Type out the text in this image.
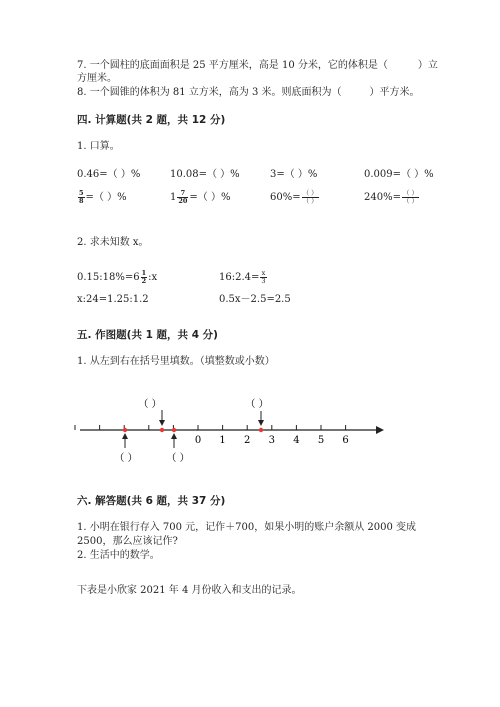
7. 一个圆柱的底面面积是 25 平方厘米，高是 10 分米，它的体积是（	）立
方厘米。
8. 一个圆锥的体积为 81 立方米，高为 3 米。则底面积为（	）平方米。
四. 计算题(共 2 题，共 12 分)
1. 口算。
0.46=（ ）%	10.08=（ ）%	3=（ ）%	0.009=（ ）%
$\frac{5}{8}$ =（ ）%	$1 \frac{7}{20}$ =（ ）%	$60\%= \frac{( )}{( )}$	$240\%= \frac{( )}{( )}$
2. 求未知数 x。
0.15:18%=6 $\frac{1}{2}$ :x	16:2.4= $\frac{x}{3}$
x:24=1.25:1.2	0.5x－2.5=2.5
五. 作图题(共 1 题，共 4 分)
1. 从左到右在括号里填数。（填整数或小数）
0 1 2 3 4 5 6
（ ）	（ ）
（ ）	（ ）
六. 解答题(共 6 题，共 37 分)
1. 小明在银行存入 700 元，记作＋700，如果小明的账户余额从 2000 变成
2500，那么应该记作?
2. 生活中的数学。
下表是小欣家 2021 年 4 月份收入和支出的记录。
